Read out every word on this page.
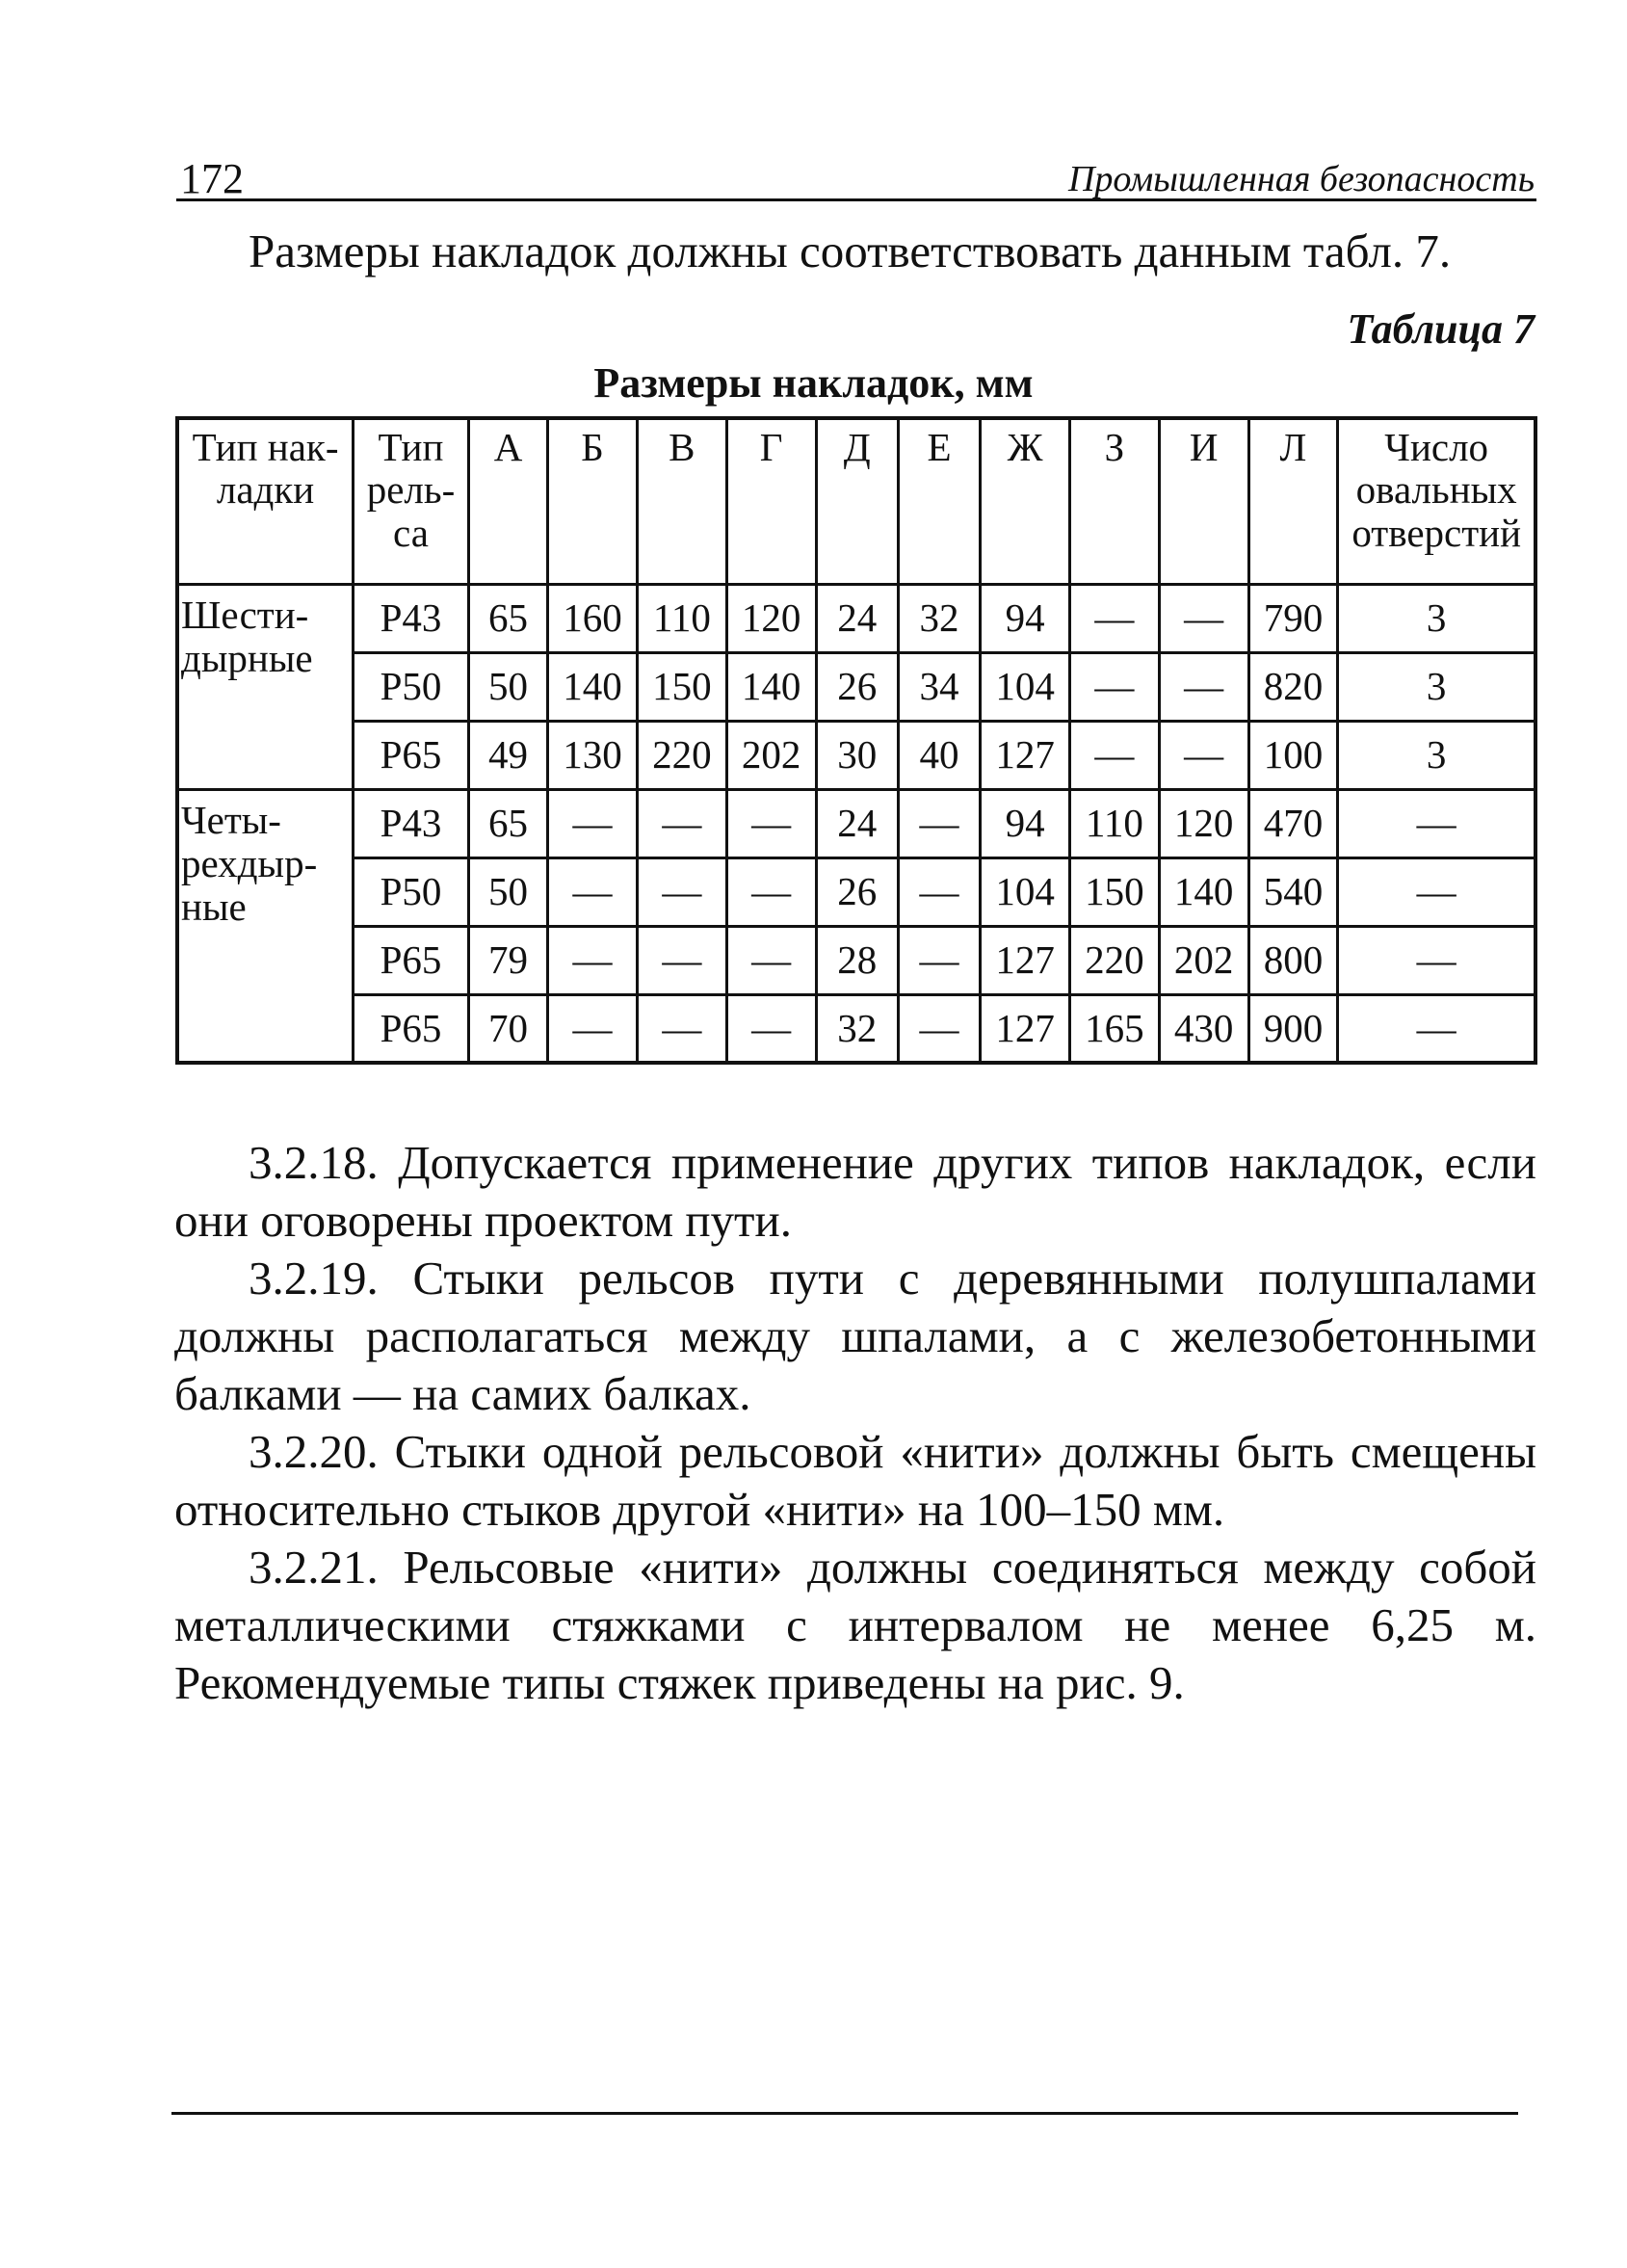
172	Промышленная безопасность
Размеры накладок должны соответствовать данным табл. 7.
Таблица 7
Размеры накладок, мм
Тип нак-ладки	Тип рель-са	А	Б	В	Г	Д	Е	Ж	З	И	Л	Число овальных отверстий
Шести-дырные	Р43	65	160	110	120	24	32	94	—	—	790	3
	Р50	50	140	150	140	26	34	104	—	—	820	3
	Р65	49	130	220	202	30	40	127	—	—	100	3
Четы-рехдыр-ные	Р43	65	—	—	—	24	—	94	110	120	470	—
	Р50	50	—	—	—	26	—	104	150	140	540	—
	Р65	79	—	—	—	28	—	127	220	202	800	—
	Р65	70	—	—	—	32	—	127	165	430	900	—

3.2.18. Допускается применение других типов накладок, если они оговорены проектом пути.

3.2.19. Стыки рельсов пути с деревянными полушпалами должны располагаться между шпалами, а с железобетонными балками — на самих балках.

3.2.20. Стыки одной рельсовой «нити» должны быть смещены относительно стыков другой «нити» на 100–150 мм.

3.2.21. Рельсовые «нити» должны соединяться между собой металлическими стяжками с интервалом не менее 6,25 м. Рекомендуемые типы стяжек приведены на рис. 9.
